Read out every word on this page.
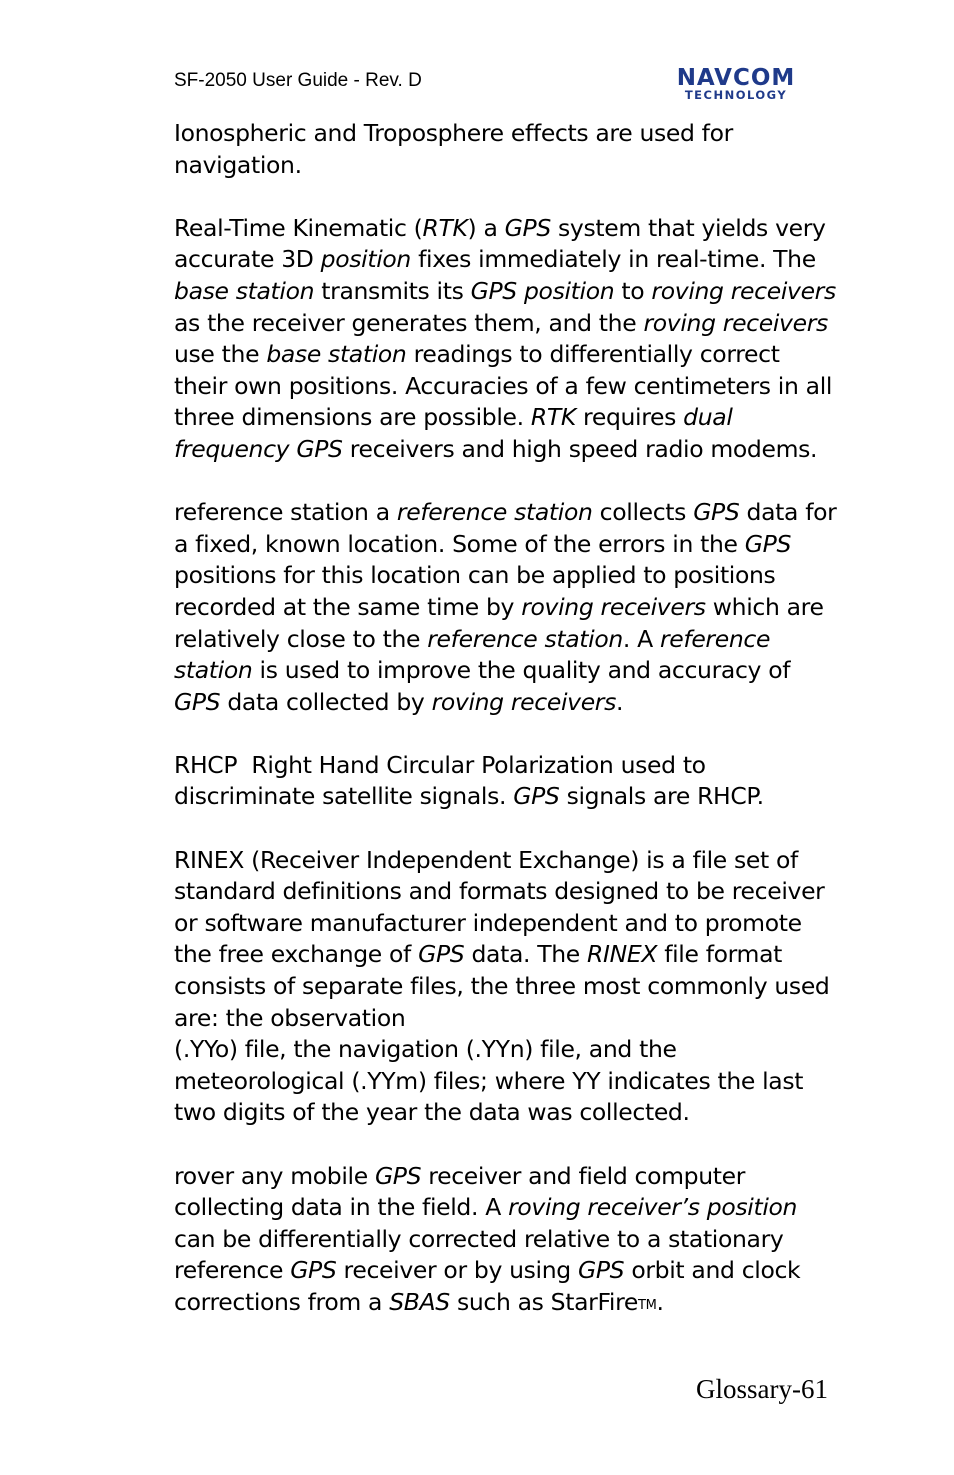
SF-2050 User Guide - Rev. D	NAVCOM
TECHNOLOGY

Ionospheric and Troposphere effects are used for navigation.

Real-Time Kinematic (RTK) a GPS system that yields very accurate 3D position fixes immediately in real-time. The base station transmits its GPS position to roving receivers as the receiver generates them, and the roving receivers use the base station readings to differentially correct their own positions. Accuracies of a few centimeters in all three dimensions are possible. RTK requires dual frequency GPS receivers and high speed radio modems.

reference station a reference station collects GPS data for a fixed, known location. Some of the errors in the GPS positions for this location can be applied to positions recorded at the same time by roving receivers which are relatively close to the reference station. A reference station is used to improve the quality and accuracy of GPS data collected by roving receivers.

RHCP  Right Hand Circular Polarization used to discriminate satellite signals. GPS signals are RHCP.

RINEX (Receiver Independent Exchange) is a file set of standard definitions and formats designed to be receiver or software manufacturer independent and to promote the free exchange of GPS data. The RINEX file format consists of separate files, the three most commonly used are: the observation
(.YYo) file, the navigation (.YYn) file, and the meteorological (.YYm) files; where YY indicates the last two digits of the year the data was collected.

rover any mobile GPS receiver and field computer collecting data in the field. A roving receiver’s position can be differentially corrected relative to a stationary reference GPS receiver or by using GPS orbit and clock corrections from a SBAS such as StarFireTM.

Glossary-61
